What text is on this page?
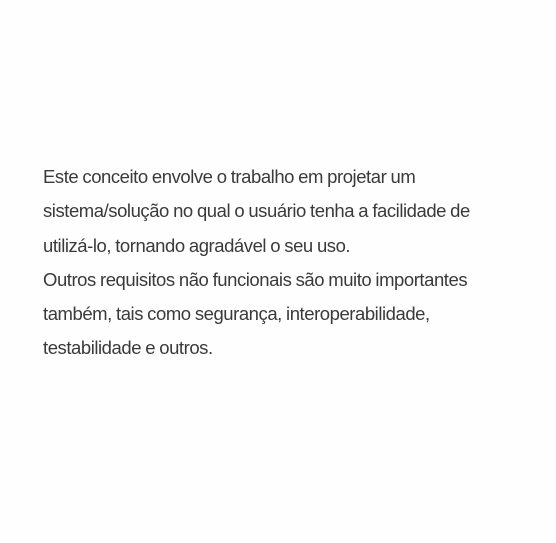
Este conceito envolve o trabalho em projetar um
sistema/solução no qual o usuário tenha a facilidade de
utilizá-lo, tornando agradável o seu uso.

Outros requisitos não funcionais são muito importantes
também, tais como segurança, interoperabilidade,
testabilidade e outros.
